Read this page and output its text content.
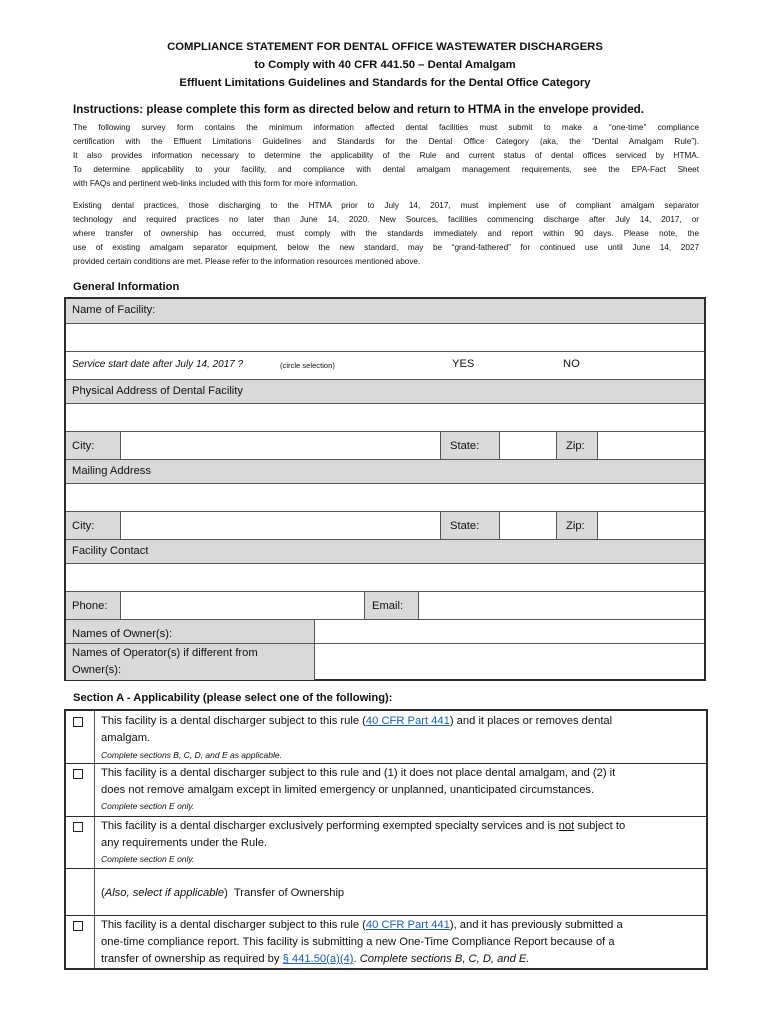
COMPLIANCE STATEMENT FOR DENTAL OFFICE WASTEWATER DISCHARGERS
to Comply with 40 CFR 441.50 – Dental Amalgam
Effluent Limitations Guidelines and Standards for the Dental Office Category
Instructions: please complete this form as directed below and return to HTMA in the envelope provided.
The following survey form contains the minimum information affected dental facilities must submit to make a “one-time” compliance
certification with the Effluent Limitations Guidelines and Standards for the Dental Office Category (aka, the “Dental Amalgam Rule”).
It also provides information necessary to determine the applicability of the Rule and current status of dental offices serviced by HTMA.
To determine applicability to your facility, and compliance with dental amalgam management requirements, see the EPA-Fact Sheet
with FAQs and pertinent web-links included with this form for more information.
Existing dental practices, those discharging to the HTMA prior to July 14, 2017, must implement use of compliant amalgam separator
technology and required practices no later than June 14, 2020. New Sources, facilities commencing discharge after July 14, 2017, or
where transfer of ownership has occurred, must comply with the standards immediately and report within 90 days. Please note, the
use of existing amalgam separator equipment, below the new standard, may be “grand-fathered” for continued use until June 14, 2027
provided certain conditions are met. Please refer to the information resources mentioned above.
General Information
Name of Facility:
Service start date after July 14, 2017 ?	(circle selection)	YES	NO
Physical Address of Dental Facility
City:	State:	Zip:
Mailing Address
City:	State:	Zip:
Facility Contact
Phone:	Email:
Names of Owner(s):
Names of Operator(s) if different from
Owner(s):
Section A - Applicability (please select one of the following):
This facility is a dental discharger subject to this rule (40 CFR Part 441) and it places or removes dental
amalgam.
Complete sections B, C, D, and E as applicable.
This facility is a dental discharger subject to this rule and (1) it does not place dental amalgam, and (2) it
does not remove amalgam except in limited emergency or unplanned, unanticipated circumstances.
Complete section E only.
This facility is a dental discharger exclusively performing exempted specialty services and is not subject to
any requirements under the Rule.
Complete section E only.
(Also, select if applicable)  Transfer of Ownership
This facility is a dental discharger subject to this rule (40 CFR Part 441), and it has previously submitted a
one-time compliance report. This facility is submitting a new One-Time Compliance Report because of a
transfer of ownership as required by § 441.50(a)(4). Complete sections B, C, D, and E.
